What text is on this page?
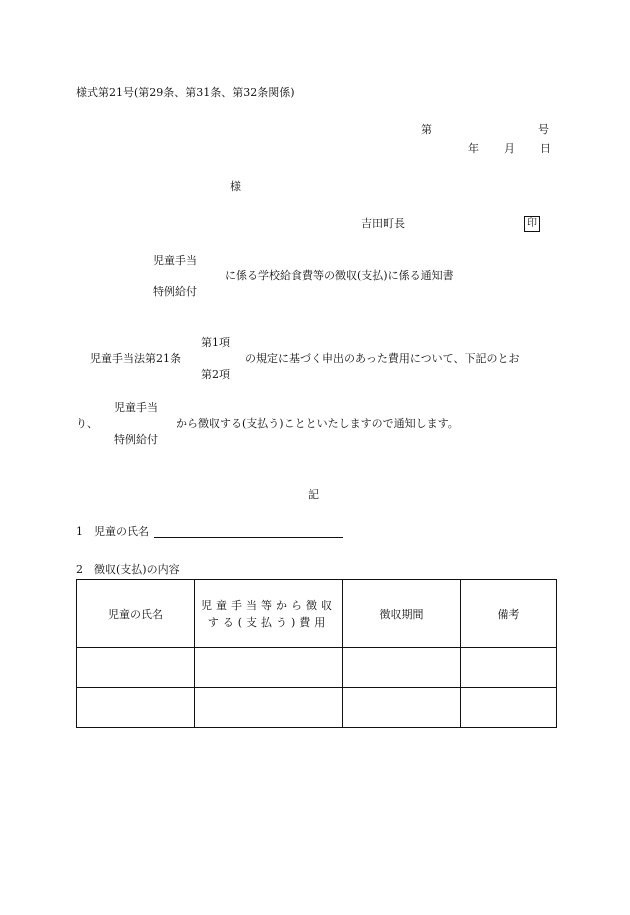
様式第21号(第29条、第31条、第32条関係)
第	号
年 月 日
様
吉田町長	印
児童手当
に係る学校給食費等の徴収(支払)に係る通知書
特例給付
第1項
児童手当法第21条	の規定に基づく申出のあった費用について、下記のとお
第2項
児童手当
り、	から徴収する(支払う)ことといたしますので通知します。
特例給付
記
1　児童の氏名
2　徴収(支払)の内容
児童の氏名	児童手当等から徴収する(支払う)費用	徴収期間	備考
